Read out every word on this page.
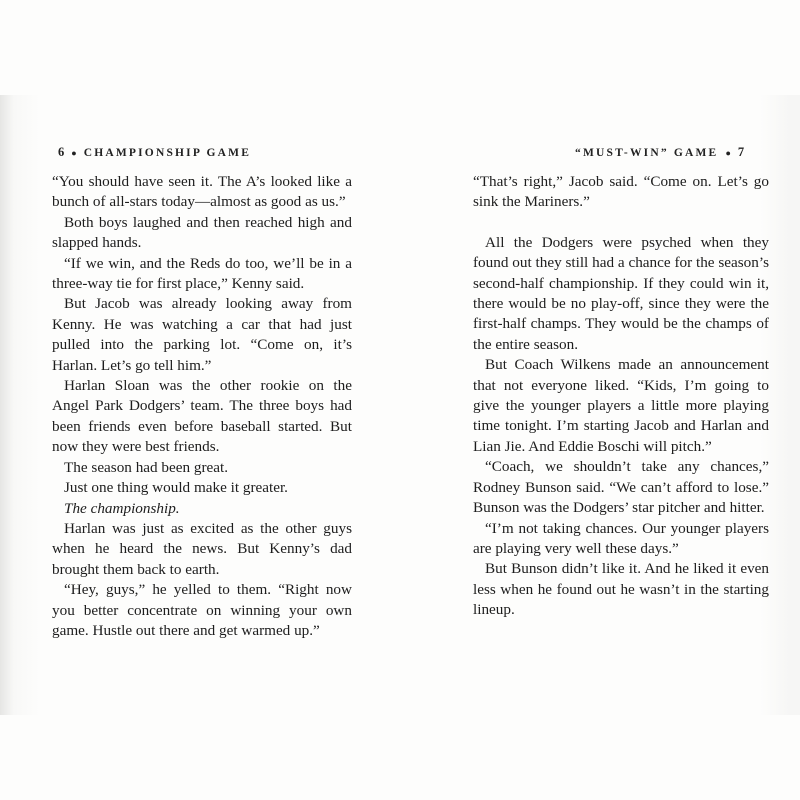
6 ● CHAMPIONSHIP GAME	“MUST-WIN” GAME ● 7

“You should have seen it. The A’s looked like a bunch of all-stars today—almost as good as us.”

Both boys laughed and then reached high and slapped hands.

“If we win, and the Reds do too, we’ll be in a three-way tie for first place,” Kenny said.

But Jacob was already looking away from Kenny. He was watching a car that had just pulled into the parking lot. “Come on, it’s Harlan. Let’s go tell him.”

Harlan Sloan was the other rookie on the Angel Park Dodgers’ team. The three boys had been friends even before baseball started. But now they were best friends.

The season had been great.

Just one thing would make it greater.

The championship.

Harlan was just as excited as the other guys when he heard the news. But Kenny’s dad brought them back to earth.

“Hey, guys,” he yelled to them. “Right now you better concentrate on winning your own game. Hustle out there and get warmed up.”

“That’s right,” Jacob said. “Come on. Let’s go sink the Mariners.”

All the Dodgers were psyched when they found out they still had a chance for the season’s second-half championship. If they could win it, there would be no play-off, since they were the first-half champs. They would be the champs of the entire season.

But Coach Wilkens made an announcement that not everyone liked. “Kids, I’m going to give the younger players a little more playing time tonight. I’m starting Jacob and Harlan and Lian Jie. And Eddie Boschi will pitch.”

“Coach, we shouldn’t take any chances,” Rodney Bunson said. “We can’t afford to lose.” Bunson was the Dodgers’ star pitcher and hitter.

“I’m not taking chances. Our younger players are playing very well these days.”

But Bunson didn’t like it. And he liked it even less when he found out he wasn’t in the starting lineup.
